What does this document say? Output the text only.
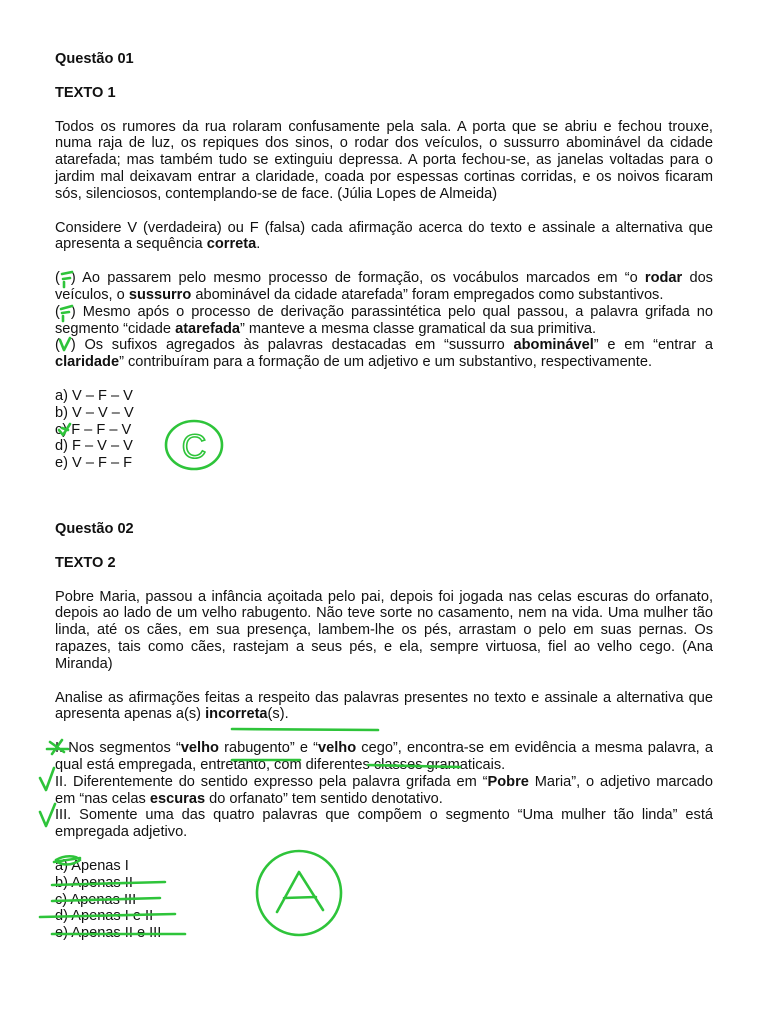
Questão 01

TEXTO 1

Todos os rumores da rua rolaram confusamente pela sala. A porta que se abriu e fechou trouxe, numa raja de luz, os repiques dos sinos, o rodar dos veículos, o sussurro abominável da cidade atarefada; mas também tudo se extinguiu depressa. A porta fechou-se, as janelas voltadas para o jardim mal deixavam entrar a claridade, coada por espessas cortinas corridas, e os noivos ficaram sós, silenciosos, contemplando-se de face. (Júlia Lopes de Almeida)

Considere V (verdadeira) ou F (falsa) cada afirmação acerca do texto e assinale a alternativa que apresenta a sequência correta.

( ) Ao passarem pelo mesmo processo de formação, os vocábulos marcados em “o rodar dos veículos, o sussurro abominável da cidade atarefada” foram empregados como substantivos.

( ) Mesmo após o processo de derivação parassintética pelo qual passou, a palavra grifada no segmento “cidade atarefada” manteve a mesma classe gramatical da sua primitiva.

( ) Os sufixos agregados às palavras destacadas em “sussurro abominável” e em “entrar a claridade” contribuíram para a formação de um adjetivo e um substantivo, respectivamente.

a) V – F – V

b) V – V – V

c) F – F – V

d) F – V – V

e) V – F – F

Questão 02

TEXTO 2

Pobre Maria, passou a infância açoitada pelo pai, depois foi jogada nas celas escuras do orfanato, depois ao lado de um velho rabugento. Não teve sorte no casamento, nem na vida. Uma mulher tão linda, até os cães, em sua presença, lambem-lhe os pés, arrastam o pelo em suas pernas. Os rapazes, tais como cães, rastejam a seus pés, e ela, sempre virtuosa, fiel ao velho cego. (Ana Miranda)

Analise as afirmações feitas a respeito das palavras presentes no texto e assinale a alternativa que apresenta apenas a(s) incorreta(s).

I. Nos segmentos “velho rabugento” e “velho cego”, encontra-se em evidência a mesma palavra, a qual está empregada, entretanto, com diferentes classes gramaticais.

II. Diferentemente do sentido expresso pela palavra grifada em “Pobre Maria”, o adjetivo marcado em “nas celas escuras do orfanato” tem sentido denotativo.

III. Somente uma das quatro palavras que compõem o segmento “Uma mulher tão linda” está empregada adjetivo.

a) Apenas I

b) Apenas II

c) Apenas III

d) Apenas I e II

e) Apenas II e III

C
